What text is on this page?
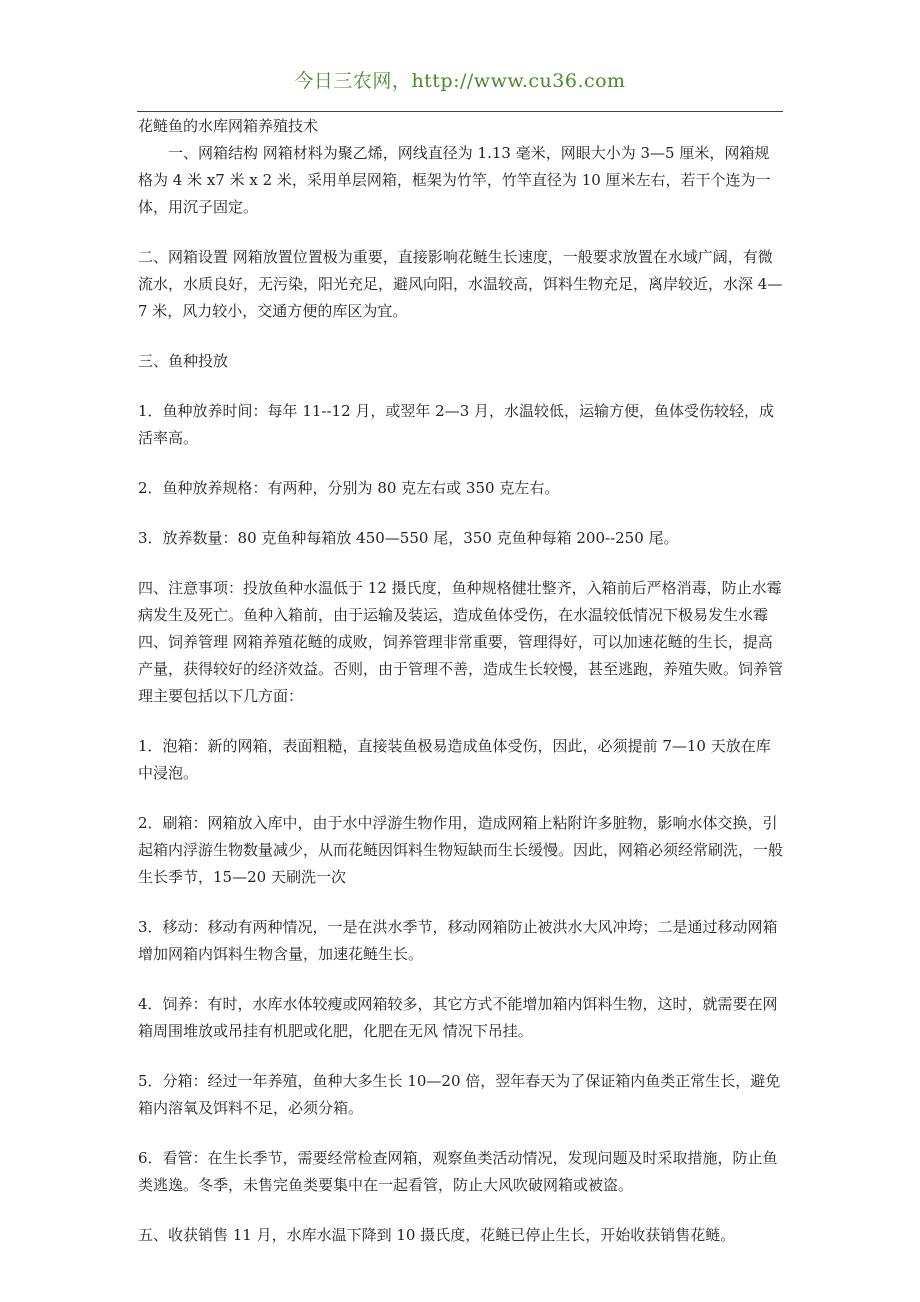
今日三农网，http://www.cu36.com

花鲢鱼的水库网箱养殖技术

一、网箱结构 网箱材料为聚乙烯，网线直径为 1.13 毫米，网眼大小为 3—5 厘米，网箱规格为 4 米 x7 米 x 2 米，采用单层网箱，框架为竹竿，竹竿直径为 10 厘米左右，若干个连为一体，用沉子固定。

二、网箱设置 网箱放置位置极为重要，直接影响花鲢生长速度，一般要求放置在水域广阔，有微流水，水质良好，无污染，阳光充足，避风向阳，水温较高，饵料生物充足，离岸较近，水深 4—7 米，风力较小，交通方便的库区为宜。

三、鱼种投放

1．鱼种放养时间：每年 11--12 月，或翌年 2—3 月，水温较低，运输方便，鱼体受伤较轻，成活率高。

2．鱼种放养规格：有两种，分别为 80 克左右或 350 克左右。

3．放养数量：80 克鱼种每箱放 450—550 尾，350 克鱼种每箱 200--250 尾。

四、注意事项：投放鱼种水温低于 12 摄氏度，鱼种规格健壮整齐，入箱前后严格消毒，防止水霉病发生及死亡。鱼种入箱前，由于运输及装运，造成鱼体受伤，在水温较低情况下极易发生水霉　　　四、饲养管理 网箱养殖花鲢的成败，饲养管理非常重要，管理得好，可以加速花鲢的生长，提高产量，获得较好的经济效益。否则，由于管理不善，造成生长较慢，甚至逃跑，养殖失败。饲养管理主要包括以下几方面：

1．泡箱：新的网箱，表面粗糙，直接装鱼极易造成鱼体受伤，因此，必须提前 7—10 天放在库中浸泡。

2．刷箱：网箱放入库中，由于水中浮游生物作用，造成网箱上粘附许多脏物，影响水体交换，引起箱内浮游生物数量减少，从而花鲢因饵料生物短缺而生长缓慢。因此，网箱必须经常刷洗，一般生长季节，15—20 天刷洗一次

3．移动：移动有两种情况，一是在洪水季节，移动网箱防止被洪水大风冲垮；二是通过移动网箱增加网箱内饵料生物含量，加速花鲢生长。

4．饲养：有时，水库水体较瘦或网箱较多，其它方式不能增加箱内饵料生物，这时，就需要在网箱周围堆放或吊挂有机肥或化肥，化肥在无风 情况下吊挂。

5．分箱：经过一年养殖，鱼种大多生长 10—20 倍，翌年春天为了保证箱内鱼类正常生长，避免箱内溶氧及饵料不足，必须分箱。

6．看管：在生长季节，需要经常检查网箱，观察鱼类活动情况，发现问题及时采取措施，防止鱼类逃逸。冬季，未售完鱼类要集中在一起看管，防止大风吹破网箱或被盗。

五、收获销售 11 月，水库水温下降到 10 摄氏度，花鲢已停止生长，开始收获销售花鲢。
